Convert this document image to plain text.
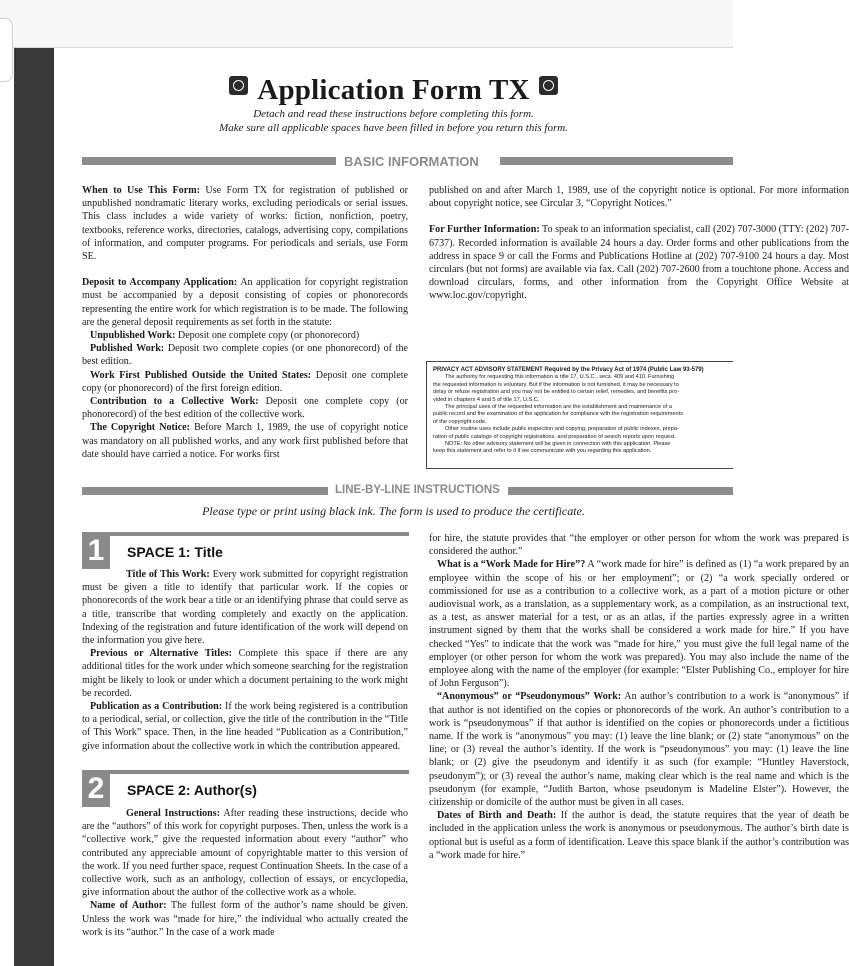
Application Form TX
Detach and read these instructions before completing this form.
Make sure all applicable spaces have been filled in before you return this form.
BASIC INFORMATION

When to Use This Form: Use Form TX for registration of published or unpublished nondramatic literary works, excluding periodicals or serial issues. This class includes a wide variety of works: fiction, nonfiction, poetry, textbooks, reference works, directories, catalogs, advertising copy, compilations of information, and computer programs. For periodicals and serials, use Form SE.

Deposit to Accompany Application: An application for copyright registration must be accompanied by a deposit consisting of copies or phonorecords representing the entire work for which registration is to be made. The following are the general deposit requirements as set forth in the statute:

Unpublished Work: Deposit one complete copy (or phonorecord)

Published Work: Deposit two complete copies (or one phonorecord) of the best edition.

Work First Published Outside the United States: Deposit one complete copy (or phonorecord) of the first foreign edition.

Contribution to a Collective Work: Deposit one complete copy (or phonorecord) of the best edition of the collective work.

The Copyright Notice: Before March 1, 1989, the use of copyright notice was mandatory on all published works, and any work first published before that date should have carried a notice. For works first

published on and after March 1, 1989, use of the copyright notice is optional. For more information about copyright notice, see Circular 3, “Copyright Notices.”

For Further Information: To speak to an information specialist, call (202) 707-3000 (TTY: (202) 707-6737). Recorded information is available 24 hours a day. Order forms and other publications from the address in space 9 or call the Forms and Publications Hotline at (202) 707-9100 24 hours a day. Most circulars (but not forms) are available via fax. Call (202) 707-2600 from a touchtone phone. Access and download circulars, forms, and other information from the Copyright Office Website at www.loc.gov/copyright.

PRIVACY ACT ADVISORY STATEMENT Required by the Privacy Act of 1974 (Public Law 93-579)

The authority for requesting this information is title 17, U.S.C., secs. 409 and 410. Furnishing

the requested information is voluntary. But if the information is not furnished, it may be necessary to

delay or refuse registration and you may not be entitled to certain relief, remedies, and benefits pro-

vided in chapters 4 and 5 of title 17, U.S.C.

The principal uses of the requested information are the establishment and maintenance of a

public record and the examination of the application for compliance with the registration requirements

of the copyright code.

Other routine uses include public inspection and copying, preparation of public indexes, prepa-

ration of public catalogs of copyright registrations, and preparation of search reports upon request.

NOTE: No other advisory statement will be given in connection with this application. Please

keep this statement and refer to it if we communicate with you regarding this application.

LINE-BY-LINE INSTRUCTIONS
Please type or print using black ink. The form is used to produce the certificate.
1	SPACE 1: Title

Title of This Work: Every work submitted for copyright registration must be given a title to identify that particular work. If the copies or phonorecords of the work bear a title or an identifying phrase that could serve as a title, transcribe that wording completely and exactly on the application. Indexing of the registration and future identification of the work will depend on the information you give here.

Previous or Alternative Titles: Complete this space if there are any additional titles for the work under which someone searching for the registration might be likely to look or under which a document pertaining to the work might be recorded.

Publication as a Contribution: If the work being registered is a contribution to a periodical, serial, or collection, give the title of the contribution in the “Title of This Work” space. Then, in the line headed “Publication as a Contribution,” give information about the collective work in which the contribution appeared.

2	SPACE 2: Author(s)

General Instructions: After reading these instructions, decide who are the “authors” of this work for copyright purposes. Then, unless the work is a “collective work,” give the requested information about every “author” who contributed any appreciable amount of copyrightable matter to this version of the work. If you need further space, request Continuation Sheets. In the case of a collective work, such as an anthology, collection of essays, or encyclopedia, give information about the author of the collective work as a whole.

Name of Author: The fullest form of the author’s name should be given. Unless the work was “made for hire,” the individual who actually created the work is its “author.” In the case of a work made

for hire, the statute provides that “the employer or other person for whom the work was prepared is considered the author.”

What is a “Work Made for Hire”? A “work made for hire” is defined as (1) “a work prepared by an employee within the scope of his or her employment”; or (2) “a work specially ordered or commissioned for use as a contribution to a collective work, as a part of a motion picture or other audiovisual work, as a translation, as a supplementary work, as a compilation, as an instructional text, as a test, as answer material for a test, or as an atlas, if the parties expressly agree in a written instrument signed by them that the works shall be considered a work made for hire.” If you have checked “Yes” to indicate that the work was “made for hire,” you must give the full legal name of the employer (or other person for whom the work was prepared). You may also include the name of the employee along with the name of the employer (for example: “Elster Publishing Co., employer for hire of John Ferguson”).

“Anonymous” or “Pseudonymous” Work: An author’s contribution to a work is “anonymous” if that author is not identified on the copies or phonorecords of the work. An author’s contribution to a work is “pseudonymous” if that author is identified on the copies or phonorecords under a fictitious name. If the work is “anonymous” you may: (1) leave the line blank; or (2) state “anonymous” on the line; or (3) reveal the author’s identity. If the work is “pseudonymous” you may: (1) leave the line blank; or (2) give the pseudonym and identify it as such (for example: “Huntley Haverstock, pseudonym”); or (3) reveal the author’s name, making clear which is the real name and which is the pseudonym (for example, “Judith Barton, whose pseudonym is Madeline Elster”). However, the citizenship or domicile of the author must be given in all cases.

Dates of Birth and Death: If the author is dead, the statute requires that the year of death be included in the application unless the work is anonymous or pseudonymous. The author’s birth date is optional but is useful as a form of identification. Leave this space blank if the author’s contribution was a “work made for hire.”
